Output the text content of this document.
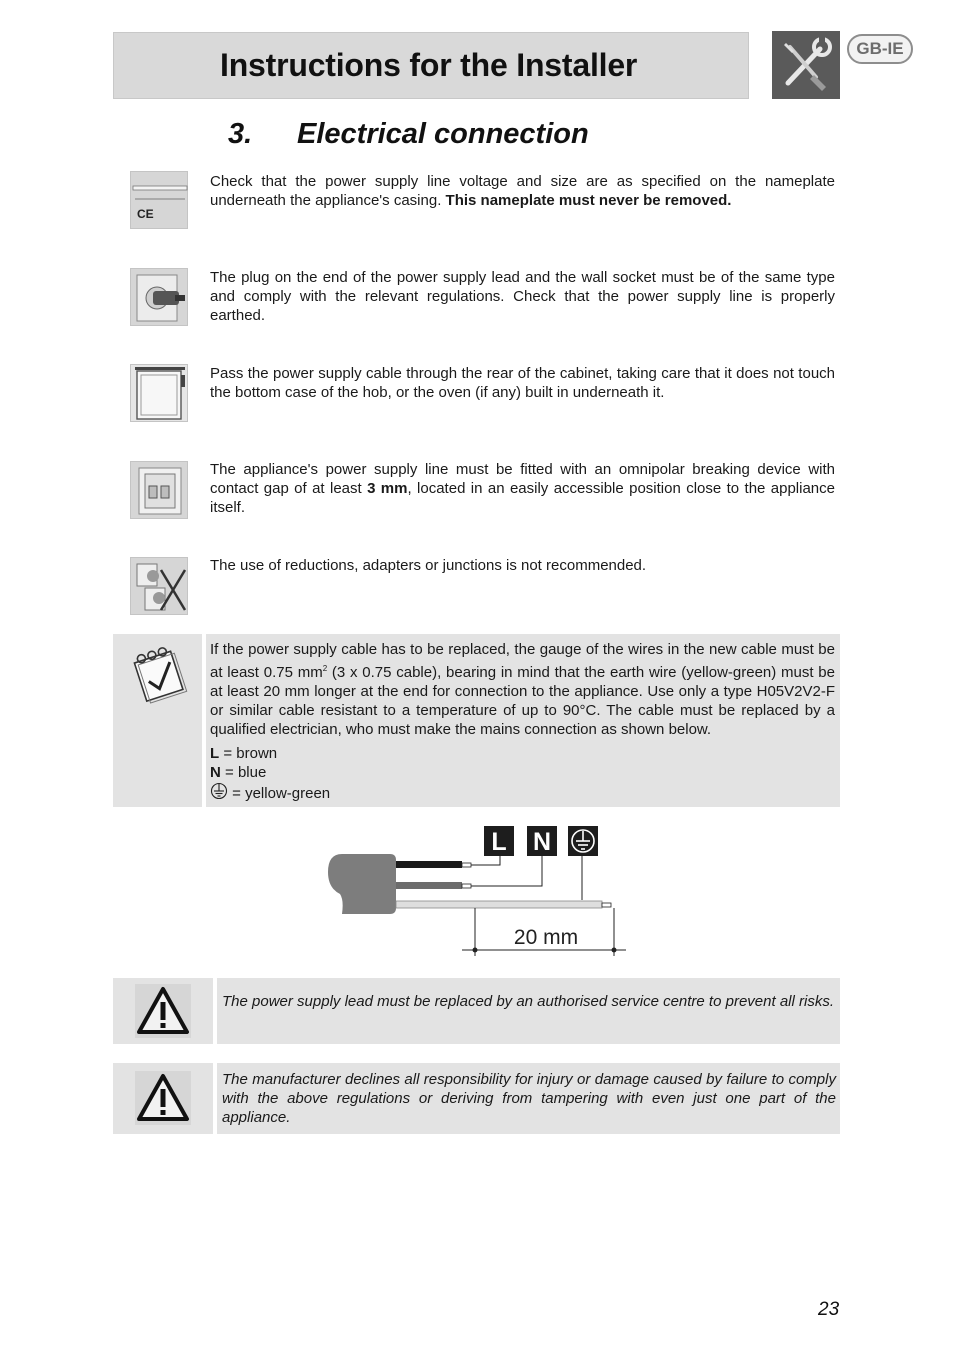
Instructions for the Installer	GB-IE
3. Electrical connection
CE
Check that the power supply line voltage and size are as specified on the nameplate underneath the appliance's casing. This nameplate must never be removed.
The plug on the end of the power supply lead and the wall socket must be of the same type and comply with the relevant regulations. Check that the power supply line is properly earthed.
Pass the power supply cable through the rear of the cabinet, taking care that it does not touch the bottom case of the hob, or the oven (if any) built in underneath it.
The appliance's power supply line must be fitted with an omnipolar breaking device with contact gap of at least 3 mm, located in an easily accessible position close to the appliance itself.
The use of reductions, adapters or junctions is not recommended.
If the power supply cable has to be replaced, the gauge of the wires in the new cable must be at least 0.75 $mm^2$ (3 x 0.75 cable), bearing in mind that the earth wire (yellow-green) must be at least 20 mm longer at the end for connection to the appliance. Use only a type H05V2V2-F or similar cable resistant to a temperature of up to 90°C. The cable must be replaced by a qualified electrician, who must make the mains connection as shown below.
L = brown
N = blue
= yellow-green
L N
20 mm
The power supply lead must be replaced by an authorised service centre to prevent all risks.
The manufacturer declines all responsibility for injury or damage caused by failure to comply with the above regulations or deriving from tampering with even just one part of the appliance.
23
